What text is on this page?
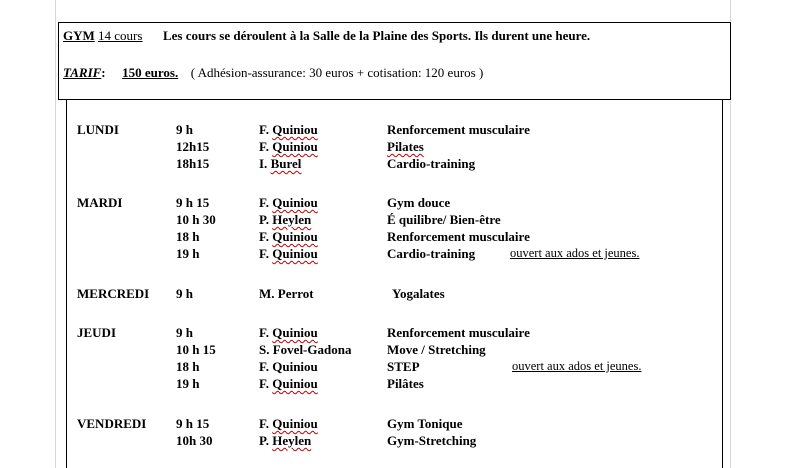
GYM 14 cours Les cours se déroulent à la Salle de la Plaine des Sports. Ils durent une heure.
TARIF: 150 euros. ( Adhésion-assurance: 30 euros + cotisation: 120 euros )
LUNDI	9 h	F. Quiniou	Renforcement musculaire
12h15	F. Quiniou	Pilates
18h15	I. Burel	Cardio-training
MARDI	9 h 15	F. Quiniou	Gym douce
10 h 30	P. Heylen	É quilibre/ Bien-être
18 h	F. Quiniou	Renforcement musculaire
19 h	F. Quiniou	Cardio-training	ouvert aux ados et jeunes.
MERCREDI 9 h	M. Perrot	Yogalates
JEUDI	9 h	F. Quiniou	Renforcement musculaire
10 h 15	S. Fovel-Gadona	Move / Stretching
18 h	F. Quiniou	STEP	ouvert aux ados et jeunes.
19 h	F. Quiniou	Pilâtes
VENDREDI 9 h 15	F. Quiniou	Gym Tonique
10h 30	P. Heylen	Gym-Stretching
